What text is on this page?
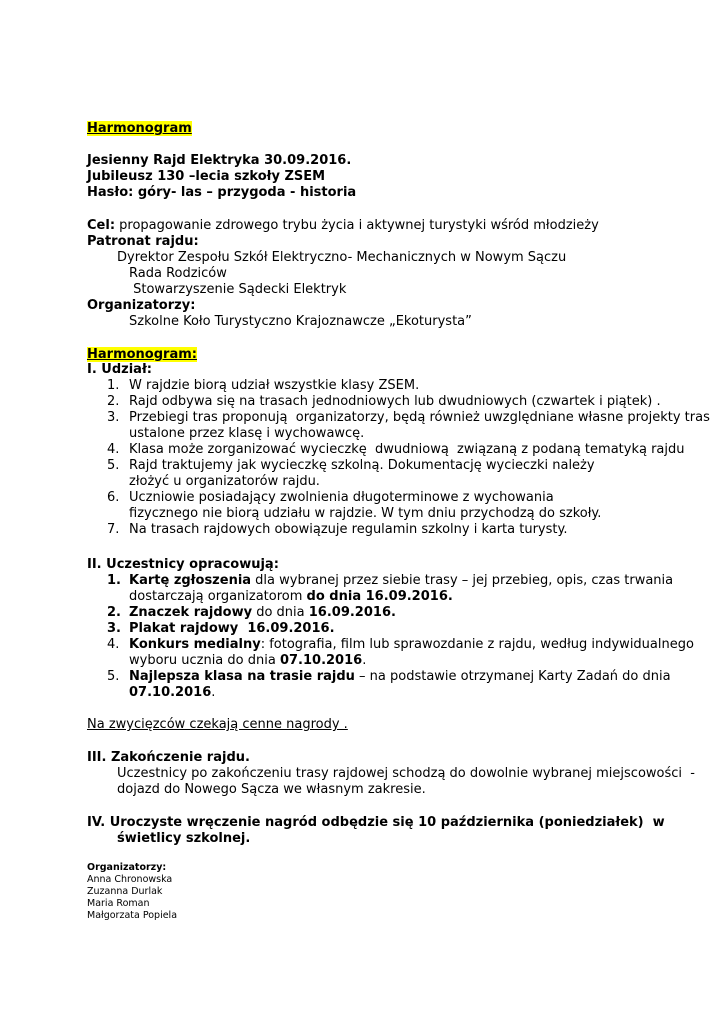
Harmonogram
Jesienny Rajd Elektryka 30.09.2016.
Jubileusz 130 –lecia szkoły ZSEM
Hasło: góry- las – przygoda - historia
Cel: propagowanie zdrowego trybu życia i aktywnej turystyki wśród młodzieży
Patronat rajdu:
Dyrektor Zespołu Szkół Elektryczno- Mechanicznych w Nowym Sączu
Rada Rodziców
Stowarzyszenie Sądecki Elektryk
Organizatorzy:
Szkolne Koło Turystyczno Krajoznawcze „Ekoturysta”
Harmonogram:
I. Udział:
1. W rajdzie biorą udział wszystkie klasy ZSEM.
2. Rajd odbywa się na trasach jednodniowych lub dwudniowych (czwartek i piątek) .
3. Przebiegi tras proponują  organizatorzy, będą również uwzględniane własne projekty tras
ustalone przez klasę i wychowawcę.
4. Klasa może zorganizować wycieczkę  dwudniową  związaną z podaną tematyką rajdu
5. Rajd traktujemy jak wycieczkę szkolną. Dokumentację wycieczki należy
złożyć u organizatorów rajdu.
6. Uczniowie posiadający zwolnienia długoterminowe z wychowania
fizycznego nie biorą udziału w rajdzie. W tym dniu przychodzą do szkoły.
7. Na trasach rajdowych obowiązuje regulamin szkolny i karta turysty.
II. Uczestnicy opracowują:
1. Kartę zgłoszenia dla wybranej przez siebie trasy – jej przebieg, opis, czas trwania
dostarczają organizatorom do dnia 16.09.2016.
2. Znaczek rajdowy do dnia 16.09.2016.
3. Plakat rajdowy  16.09.2016.
4. Konkurs medialny: fotografia, film lub sprawozdanie z rajdu, według indywidualnego
wyboru ucznia do dnia 07.10.2016.
5. Najlepsza klasa na trasie rajdu – na podstawie otrzymanej Karty Zadań do dnia
07.10.2016.
Na zwycięzców czekają cenne nagrody .
III. Zakończenie rajdu.
Uczestnicy po zakończeniu trasy rajdowej schodzą do dowolnie wybranej miejscowości  -
dojazd do Nowego Sącza we własnym zakresie.
IV. Uroczyste wręczenie nagród odbędzie się 10 października (poniedziałek)  w
świetlicy szkolnej.
Organizatorzy:
Anna Chronowska
Zuzanna Durlak
Maria Roman
Małgorzata Popiela
